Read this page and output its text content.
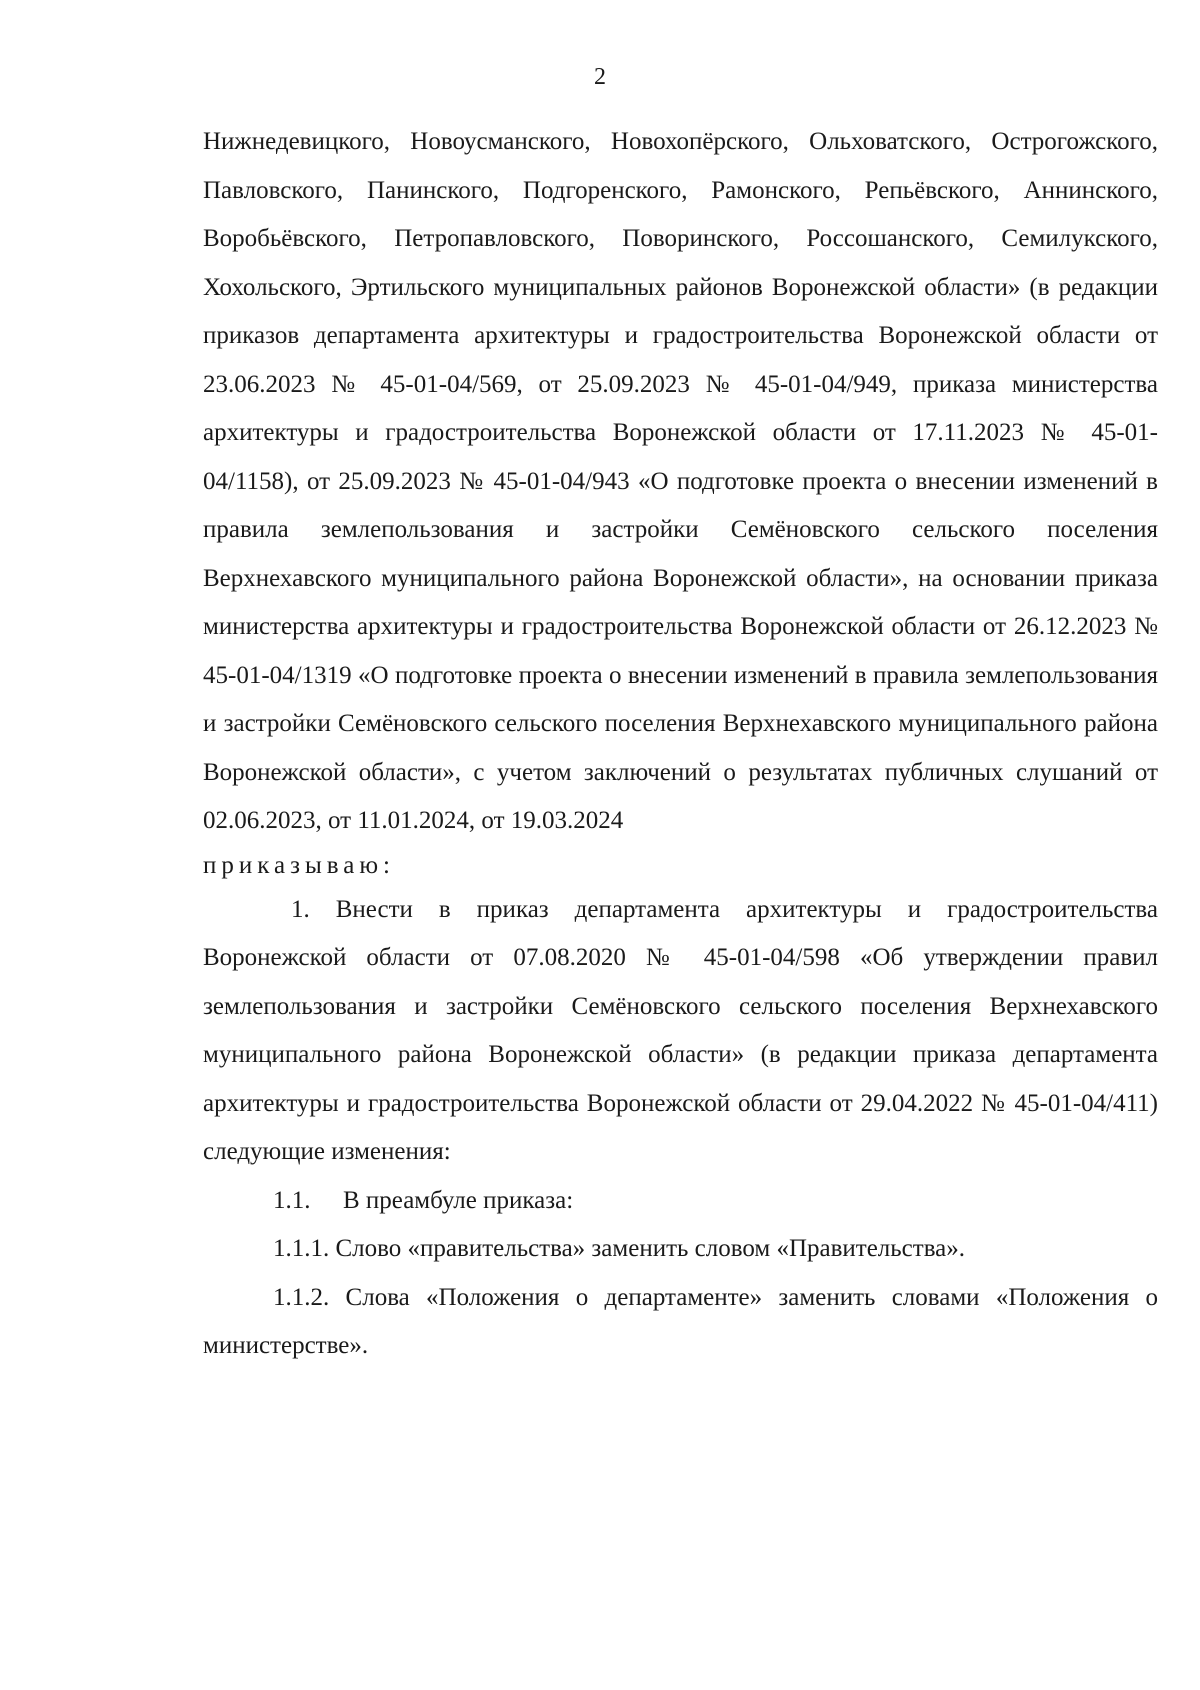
2

Нижнедевицкого, Новоусманского, Новохопёрского, Ольховатского, Острогожского, Павловского, Панинского, Подгоренского, Рамонского, Репьёвского, Аннинского, Воробьёвского, Петропавловского, Поворинского, Россошанского, Семилукского, Хохольского, Эртильского муниципальных районов Воронежской области» (в редакции приказов департамента архитектуры и градостроительства Воронежской области от 23.06.2023 № 45-01-04/569, от 25.09.2023 № 45-01-04/949, приказа министерства архитектуры и градостроительства Воронежской области от 17.11.2023 № 45-01-04/1158), от 25.09.2023 № 45-01-04/943 «О подготовке проекта о внесении изменений в правила землепользования и застройки Семёновского сельского поселения Верхнехавского муниципального района Воронежской области», на основании приказа министерства архитектуры и градостроительства Воронежской области от 26.12.2023 № 45-01-04/1319 «О подготовке проекта о внесении изменений в правила землепользования и застройки Семёновского сельского поселения Верхнехавского муниципального района Воронежской области», с учетом заключений о результатах публичных слушаний от 02.06.2023, от 11.01.2024, от 19.03.2024

приказываю:

1. Внести в приказ департамента архитектуры и градостроительства Воронежской области от 07.08.2020 № 45-01-04/598 «Об утверждении правил землепользования и застройки Семёновского сельского поселения Верхнехавского муниципального района Воронежской области» (в редакции приказа департамента архитектуры и градостроительства Воронежской области от 29.04.2022 № 45-01-04/411) следующие изменения:

1.1. В преамбуле приказа:

1.1.1. Слово «правительства» заменить словом «Правительства».

1.1.2. Слова «Положения о департаменте» заменить словами «Положения о министерстве».
